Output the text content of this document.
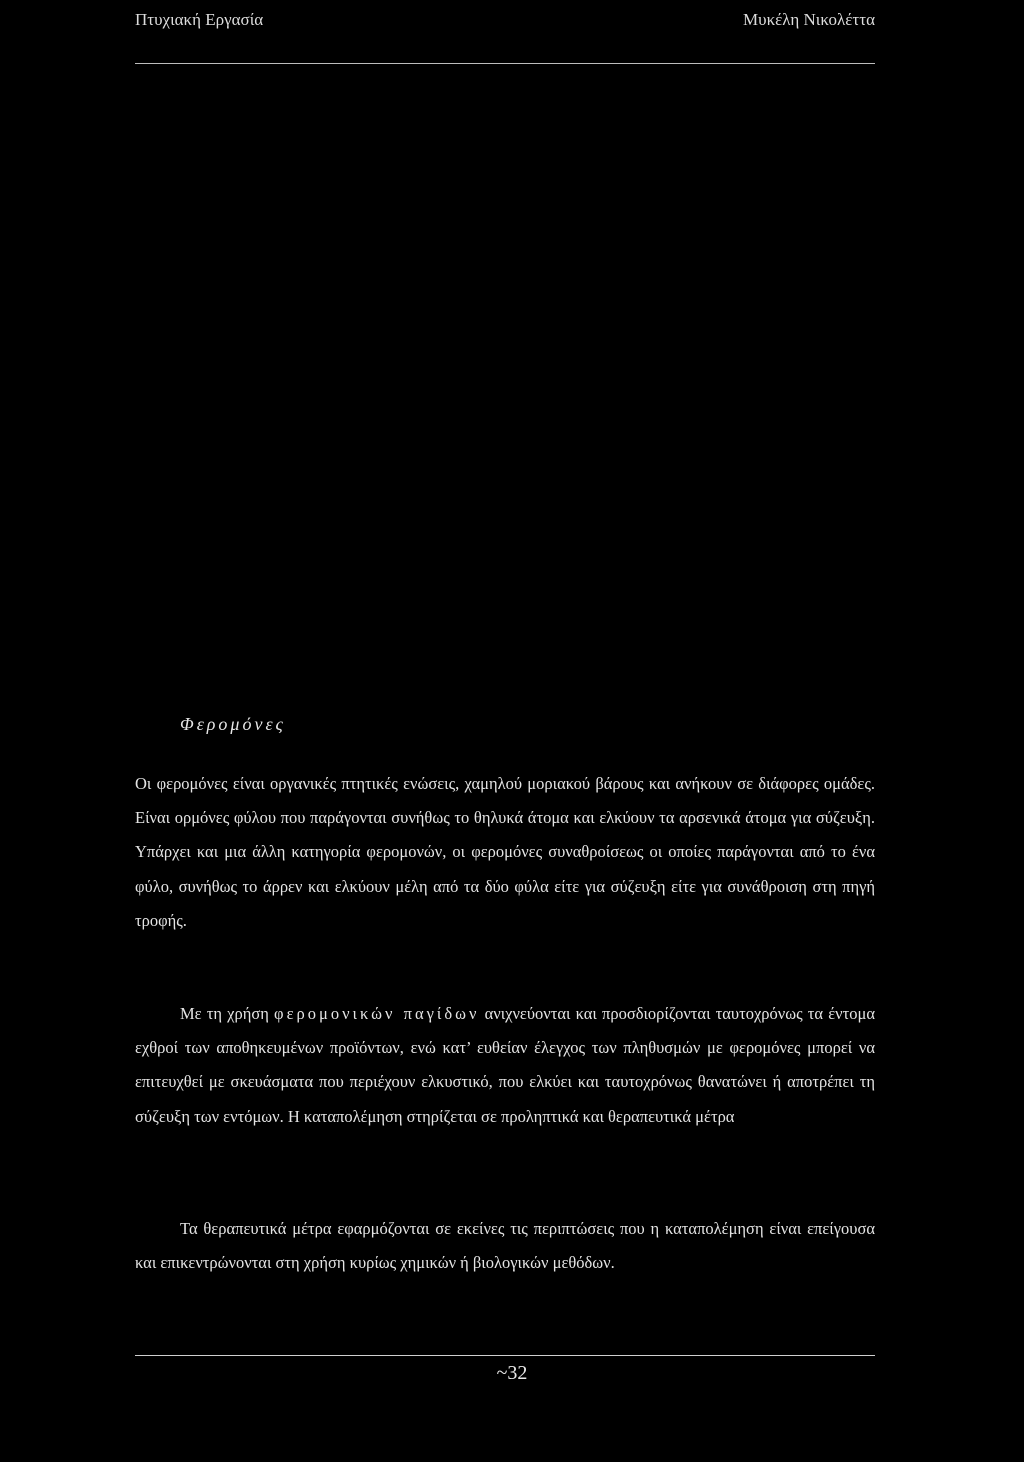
Πτυχιακή Εργασία	Μυκέλη Νικολέττα
Φερομόνες

Οι φερομόνες είναι οργανικές πτητικές ενώσεις, χαμηλού μοριακού βάρους και ανήκουν σε διάφορες ομάδες. Είναι ορμόνες φύλου που παράγονται συνήθως το θηλυκά άτομα και ελκύουν τα αρσενικά άτομα για σύζευξη. Υπάρχει και μια άλλη κατηγορία φερομονών, οι φερομόνες συναθροίσεως οι οποίες παράγονται από το ένα φύλο, συνήθως το άρρεν και ελκύουν μέλη από τα δύο φύλα είτε για σύζευξη είτε για συνάθροιση στη πηγή τροφής.

Με τη χρήση φερομονικών παγίδων ανιχνεύονται και προσδιορίζονται ταυτοχρόνως τα έντομα εχθροί των αποθηκευμένων προϊόντων, ενώ κατ’ ευθείαν έλεγχος των πληθυσμών με φερομόνες μπορεί να επιτευχθεί με σκευάσματα που περιέχουν ελκυστικό, που ελκύει και ταυτοχρόνως θανατώνει ή αποτρέπει τη σύζευξη των εντόμων. Η καταπολέμηση στηρίζεται σε προληπτικά και θεραπευτικά μέτρα

Τα θεραπευτικά μέτρα εφαρμόζονται σε εκείνες τις περιπτώσεις που η καταπολέμηση είναι επείγουσα και επικεντρώνονται στη χρήση κυρίως χημικών ή βιολογικών μεθόδων.

~32
